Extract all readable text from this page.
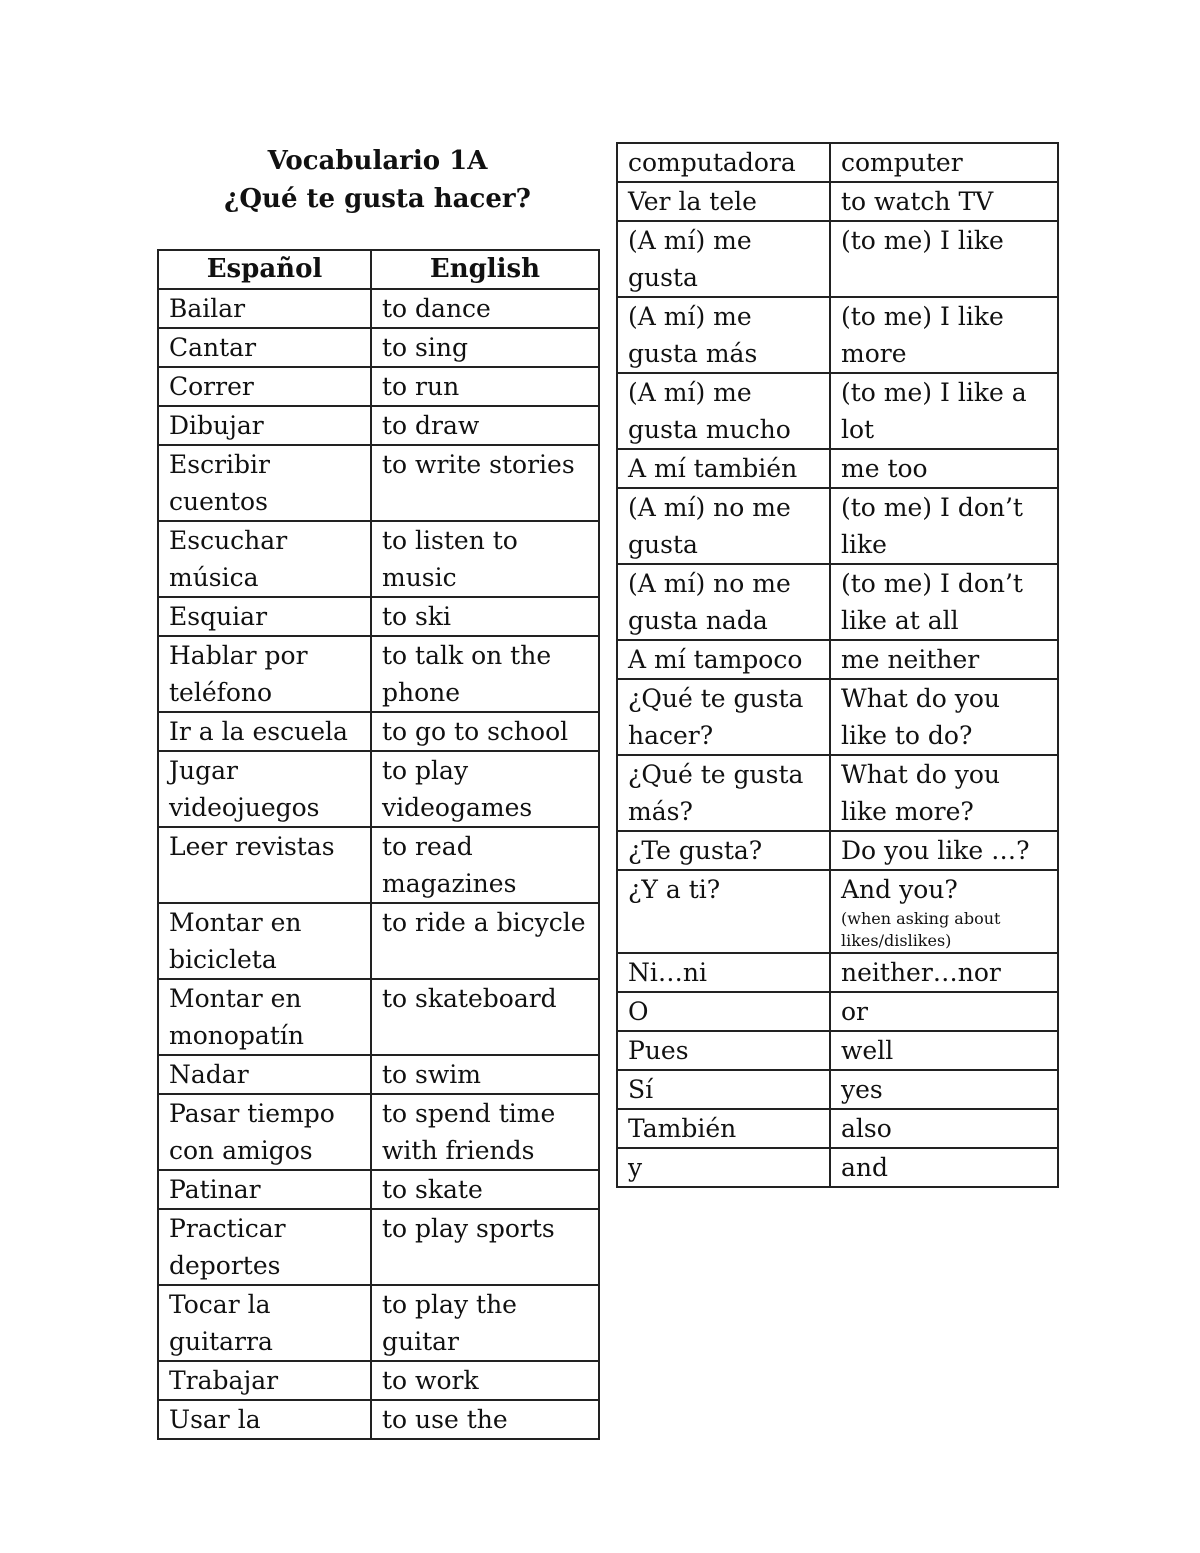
Vocabulario 1A
¿Qué te gusta hacer?
Español	English
Bailar	to dance
Cantar	to sing
Correr	to run
Dibujar	to draw
Escribir cuentos	to write stories
Escuchar música	to listen to music
Esquiar	to ski
Hablar por teléfono	to talk on the phone
Ir a la escuela	to go to school
Jugar videojuegos	to play videogames
Leer revistas	to read magazines
Montar en bicicleta	to ride a bicycle
Montar en monopatín	to skateboard
Nadar	to swim
Pasar tiempo con amigos	to spend time with friends
Patinar	to skate
Practicar deportes	to play sports
Tocar la guitarra	to play the guitar
Trabajar	to work
Usar la	to use the
computadora	computer
Ver la tele	to watch TV
(A mí) me gusta	(to me) I like
(A mí) me gusta más	(to me) I like more
(A mí) me gusta mucho	(to me) I like a lot
A mí también	me too
(A mí) no me gusta	(to me) I don’t like
(A mí) no me gusta nada	(to me) I don’t like at all
A mí tampoco	me neither
¿Qué te gusta hacer?	What do you like to do?
¿Qué te gusta más?	What do you like more?
¿Te gusta?	Do you like …?
¿Y a ti?	And you?
(when asking about likes/dislikes)

Ni…ni	neither…nor
O	or
Pues	well
Sí	yes
También	also
y	and
